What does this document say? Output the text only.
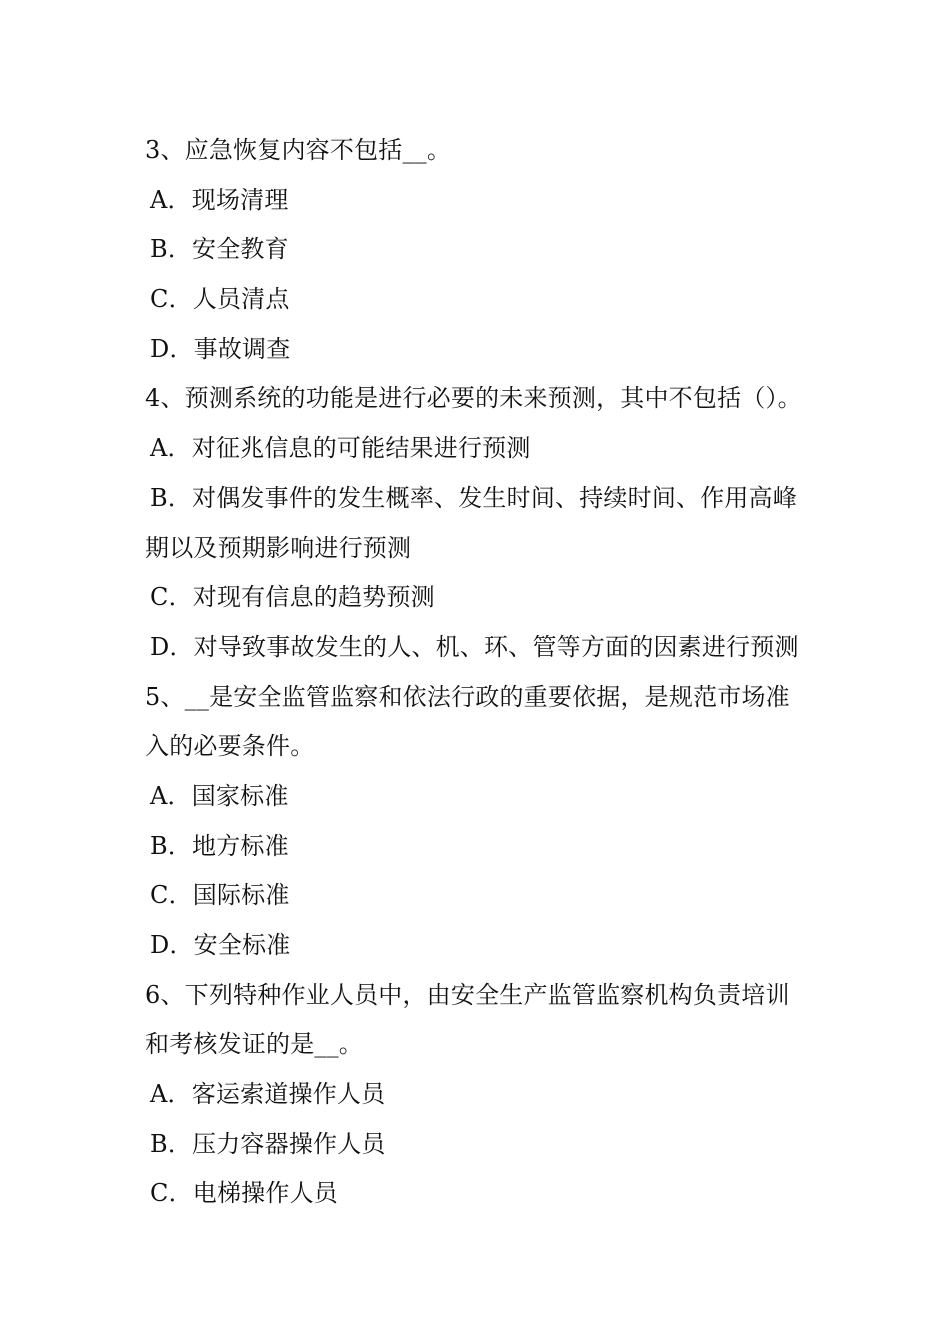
3、应急恢复内容不包括__。
A．现场清理
B．安全教育
C．人员清点
D．事故调查
4、预测系统的功能是进行必要的未来预测，其中不包括（）。
A．对征兆信息的可能结果进行预测
B．对偶发事件的发生概率、发生时间、持续时间、作用高峰
期以及预期影响进行预测
C．对现有信息的趋势预测
D．对导致事故发生的人、机、环、管等方面的因素进行预测
5、__是安全监管监察和依法行政的重要依据，是规范市场准
入的必要条件。
A．国家标准
B．地方标准
C．国际标准
D．安全标准
6、下列特种作业人员中，由安全生产监管监察机构负责培训
和考核发证的是__。
A．客运索道操作人员
B．压力容器操作人员
C．电梯操作人员
